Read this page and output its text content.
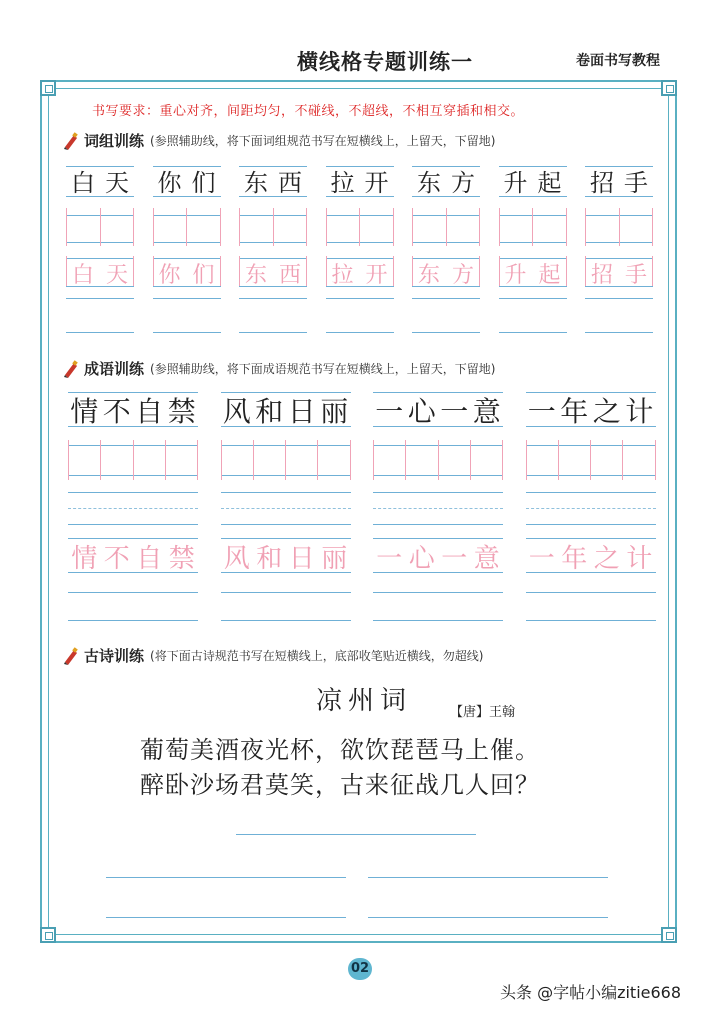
横线格专题训练一	卷面书写教程
书写要求：重心对齐，间距均匀，不碰线，不超线，不相互穿插和相交。
词组训练 (参照辅助线，将下面词组规范书写在短横线上，上留天，下留地)
白 天
白 天
你 们
你 们
东 西
东 西
拉 开
拉 开
东 方
东 方
升 起
升 起
招 手
招 手
成语训练 (参照辅助线，将下面成语规范书写在短横线上，上留天，下留地)
情 不 自 禁
情 不 自 禁
风 和 日 丽
风 和 日 丽
一 心 一 意
一 心 一 意
一 年 之 计
一 年 之 计
古诗训练 (将下面古诗规范书写在短横线上，底部收笔贴近横线，勿超线)
凉州词	【唐】王翰
葡萄美酒夜光杯，欲饮琵琶马上催。
醉卧沙场君莫笑，古来征战几人回？
02
头条 @字帖小编zitie668
